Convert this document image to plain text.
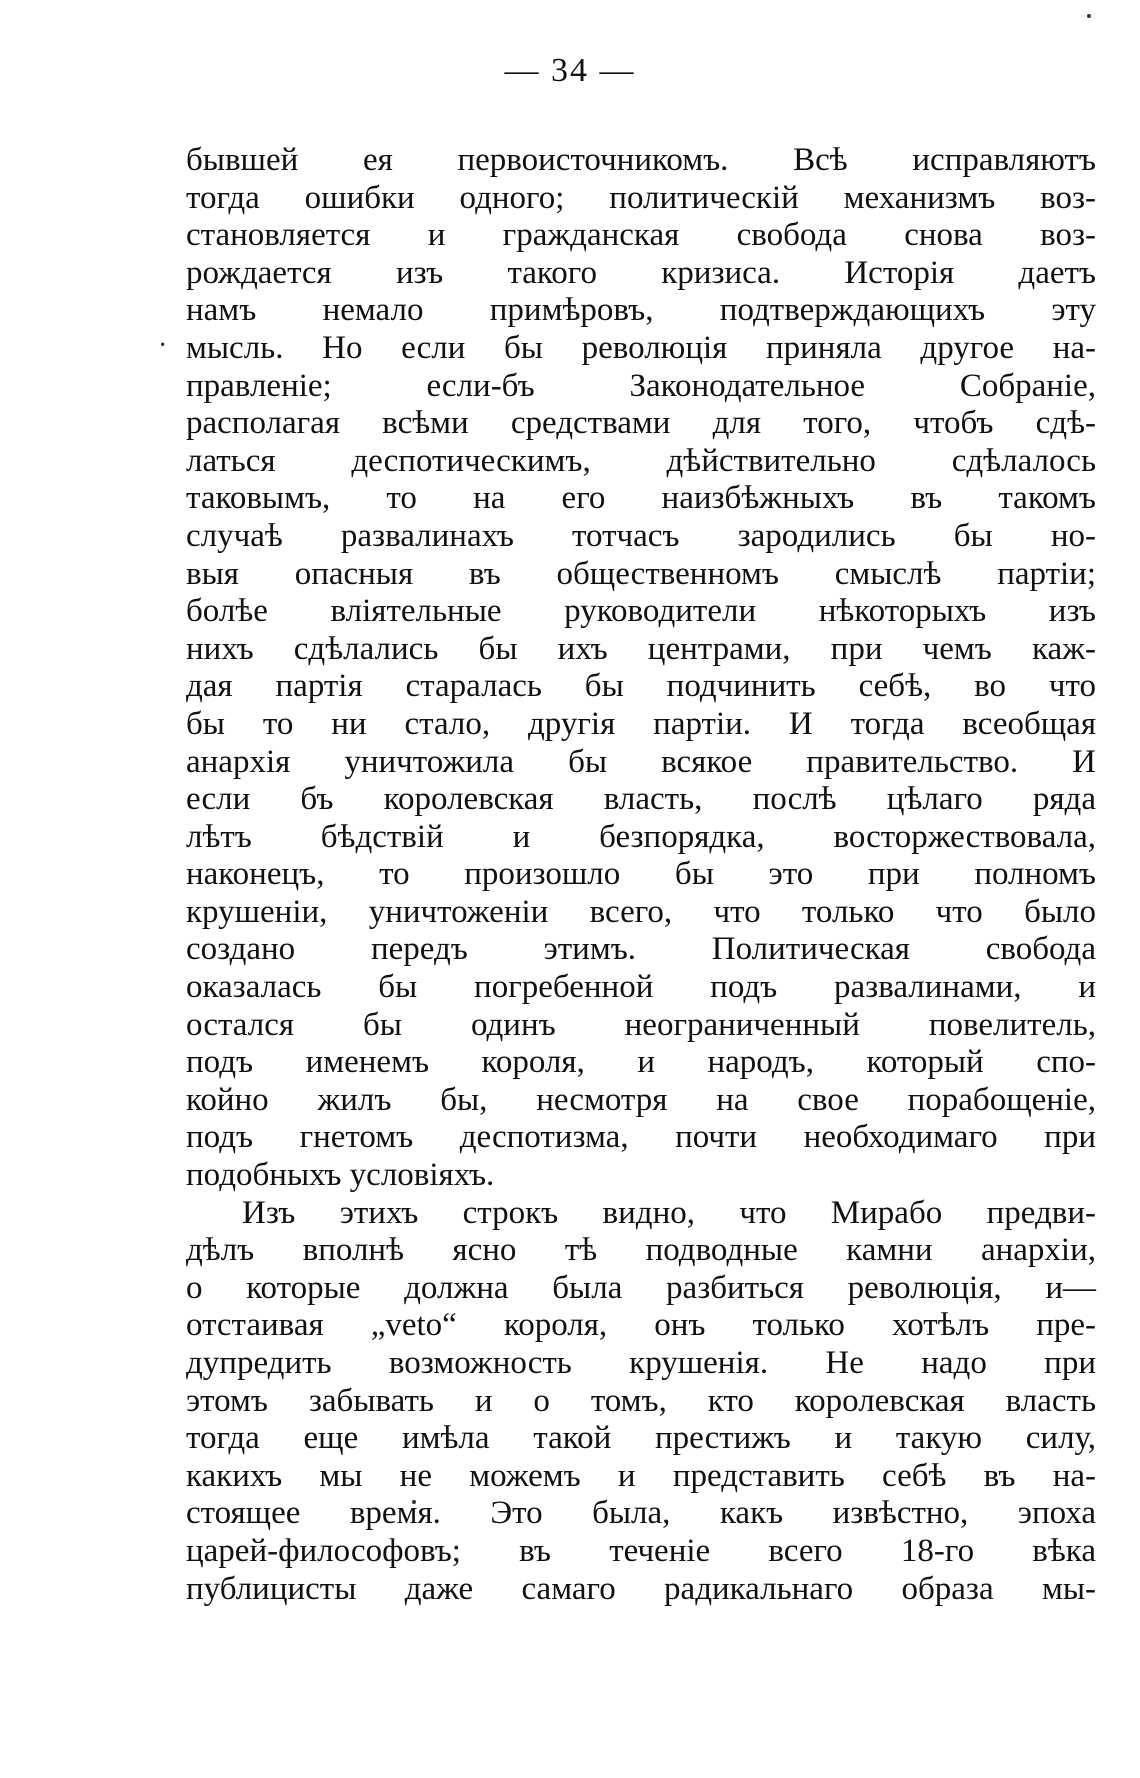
— 34 —
·
бывшей ея первоисточникомъ. Всѣ исправляютъ
тогда ошибки одного; политическій механизмъ воз-
становляется и гражданская свобода снова воз-
рождается изъ такого кризиса. Исторія даетъ
намъ немало примѣровъ, подтверждающихъ эту
мысль. Но если бы революція приняла другое на-
правленіе; если-бъ Законодательное Собраніе,
располагая всѣми средствами для того, чтобъ сдѣ-
латься деспотическимъ, дѣйствительно сдѣлалось
таковымъ, то на его наизбѣжныхъ въ такомъ
случаѣ развалинахъ тотчасъ зародились бы но-
выя опасныя въ общественномъ смыслѣ партіи;
болѣе вліятельные руководители нѣкоторыхъ изъ
нихъ сдѣлались бы ихъ центрами, при чемъ каж-
дая партія старалась бы подчинить себѣ, во что
бы то ни стало, другія партіи. И тогда всеобщая
анархія уничтожила бы всякое правительство. И
если бъ королевская власть, послѣ цѣлаго ряда
лѣтъ бѣдствій и безпорядка, восторжествовала,
наконецъ, то произошло бы это при полномъ
крушеніи, уничтоженіи всего, что только что было
создано передъ этимъ. Политическая свобода
оказалась бы погребенной подъ развалинами, и
остался бы одинъ неограниченный повелитель,
подъ именемъ короля, и народъ, который спо-
койно жилъ бы, несмотря на свое порабощеніе,
подъ гнетомъ деспотизма, почти необходимаго при
подобныхъ условіяхъ.
Изъ этихъ строкъ видно, что Мирабо предви-
дѣлъ вполнѣ ясно тѣ подводные камни анархіи,
о которые должна была разбиться революція, и—
отстаивая „veto“ короля, онъ только хотѣлъ пре-
дупредить возможность крушенія. Не надо при
этомъ забывать и о томъ, кто королевская власть
тогда еще имѣла такой престижъ и такую силу,
какихъ мы не можемъ и представить себѣ въ на-
стоящее время. Это была, какъ извѣстно, эпоха
царей-философовъ; въ теченіе всего 18-го вѣка
публицисты даже самаго радикальнаго образа мы-
